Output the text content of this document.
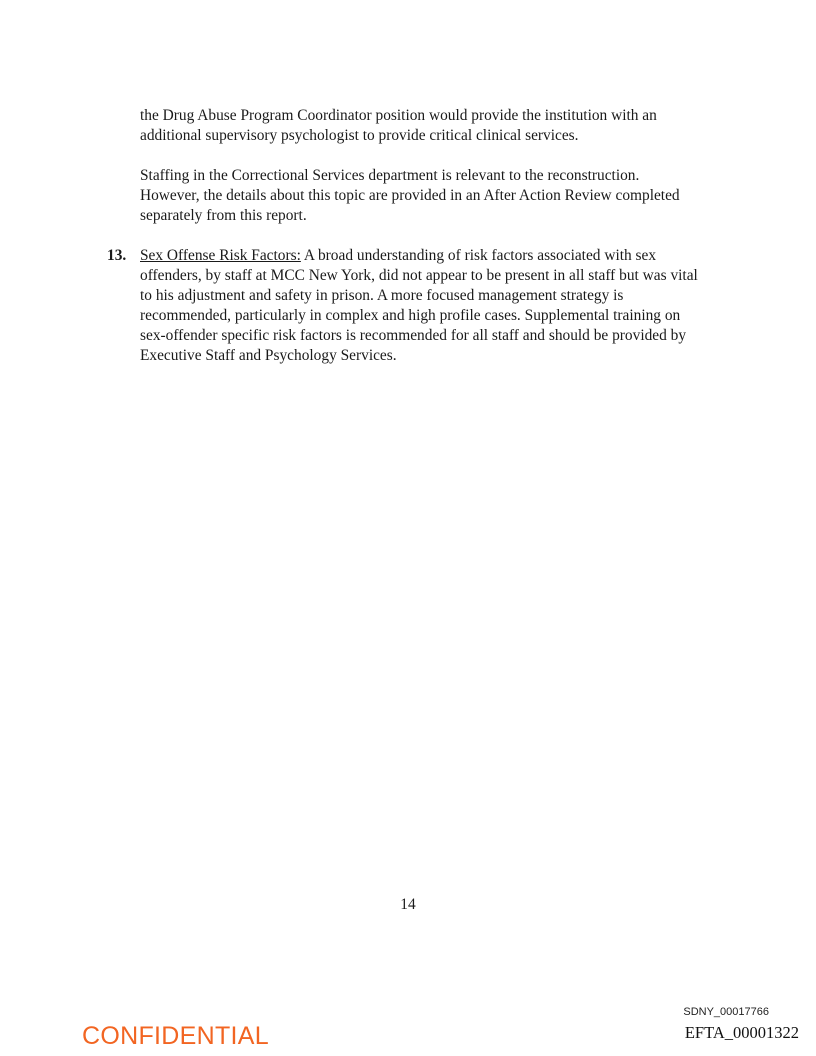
the Drug Abuse Program Coordinator position would provide the institution with an additional supervisory psychologist to provide critical clinical services.

Staffing in the Correctional Services department is relevant to the reconstruction. However, the details about this topic are provided in an After Action Review completed separately from this report.

13. Sex Offense Risk Factors: A broad understanding of risk factors associated with sex offenders, by staff at MCC New York, did not appear to be present in all staff but was vital to his adjustment and safety in prison. A more focused management strategy is recommended, particularly in complex and high profile cases. Supplemental training on sex-offender specific risk factors is recommended for all staff and should be provided by Executive Staff and Psychology Services.
14
SDNY_00017766
EFTA_00001322
CONFIDENTIAL
